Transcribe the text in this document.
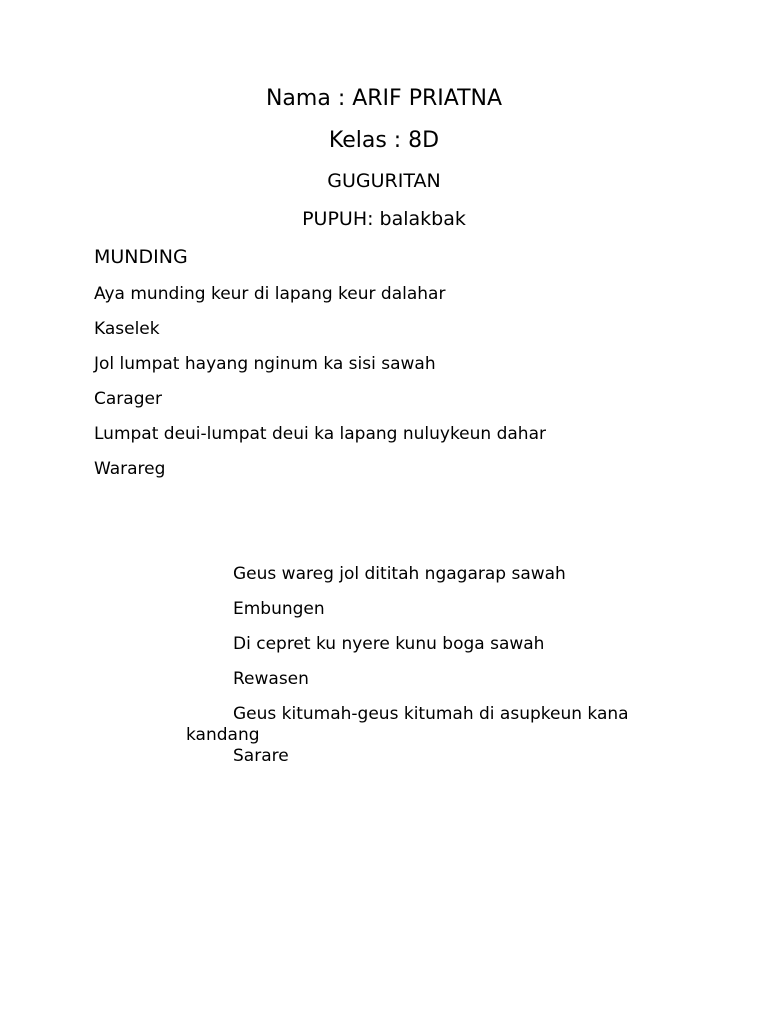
Nama : ARIF PRIATNA

Kelas : 8D

GUGURITAN

PUPUH: balakbak

MUNDING

Aya munding keur di lapang keur dalahar
Kaselek
Jol lumpat hayang nginum ka sisi sawah
Carager
Lumpat deui-lumpat deui ka lapang nuluykeun dahar
Warareg
Geus wareg jol dititah ngagarap sawah
Embungen
Di cepret ku nyere kunu boga sawah
Rewasen
Geus kitumah-geus kitumah di asupkeun kana kandang
Sarare
